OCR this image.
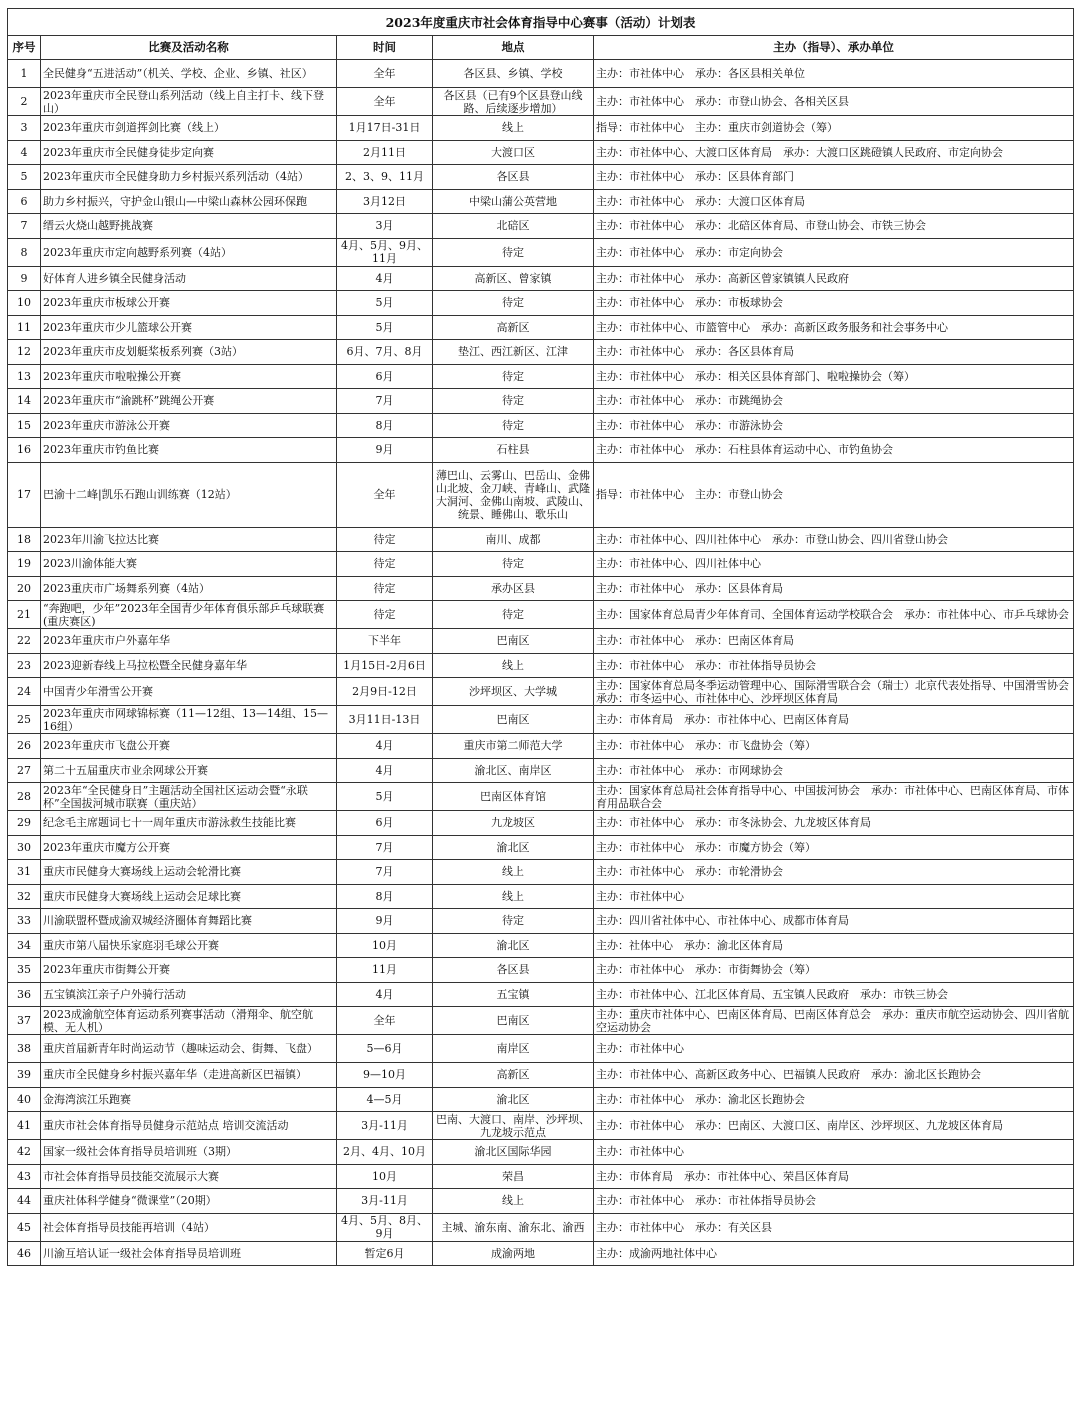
2023年度重庆市社会体育指导中心赛事（活动）计划表				
序号	比赛及活动名称	时间	地点	主办（指导）、承办单位
1	全民健身“五进活动”（机关、学校、企业、乡镇、社区）	全年	各区县、乡镇、学校	主办：市社体中心　承办：各区县相关单位
2	2023年重庆市全民登山系列活动（线上自主打卡、线下登山）	全年	各区县（已有9个区县登山线路、后续逐步增加）	主办：市社体中心　承办：市登山协会、各相关区县
3	2023年重庆市剑道挥剑比赛（线上）	1月17日-31日	线上	指导：市社体中心　主办：重庆市剑道协会（筹）
4	2023年重庆市全民健身徒步定向赛	2月11日	大渡口区	主办：市社体中心、大渡口区体育局　承办：大渡口区跳磴镇人民政府、市定向协会
5	2023年重庆市全民健身助力乡村振兴系列活动（4站）	2、3、9、11月	各区县	主办：市社体中心　承办：区县体育部门
6	助力乡村振兴，守护金山银山—中梁山森林公园环保跑	3月12日	中梁山蒲公英营地	主办：市社体中心　承办：大渡口区体育局
7	缙云火烧山越野挑战赛	3月	北碚区	主办：市社体中心　承办：北碚区体育局、市登山协会、市铁三协会
8	2023年重庆市定向越野系列赛（4站）	4月、5月、9月、11月	待定	主办：市社体中心　承办：市定向协会
9	好体育人进乡镇全民健身活动	4月	高新区、曾家镇	主办：市社体中心　承办：高新区曾家镇镇人民政府
10	2023年重庆市板球公开赛	5月	待定	主办：市社体中心　承办：市板球协会
11	2023年重庆市少儿篮球公开赛	5月	高新区	主办：市社体中心、市篮管中心　承办：高新区政务服务和社会事务中心
12	2023年重庆市皮划艇桨板系列赛（3站）	6月、7月、8月	垫江、西江新区、江津	主办：市社体中心　承办：各区县体育局
13	2023年重庆市啦啦操公开赛	6月	待定	主办：市社体中心　承办：相关区县体育部门、啦啦操协会（筹）
14	2023年重庆市“渝跳杯”跳绳公开赛	7月	待定	主办：市社体中心　承办：市跳绳协会
15	2023年重庆市游泳公开赛	8月	待定	主办：市社体中心　承办：市游泳协会
16	2023年重庆市钓鱼比赛	9月	石柱县	主办：市社体中心　承办：石柱县体育运动中心、市钓鱼协会
17	巴渝十二峰|凯乐石跑山训练赛（12站）	全年	薄巴山、云雾山、巴岳山、金佛山北坡、金刀峡、青峰山、武隆大洞河、金佛山南坡、武陵山、统景、睡佛山、歌乐山	指导：市社体中心　主办：市登山协会
18	2023年川渝飞拉达比赛	待定	南川、成都	主办：市社体中心、四川社体中心　承办：市登山协会、四川省登山协会
19	2023川渝体能大赛	待定	待定	主办：市社体中心、四川社体中心
20	2023重庆市广场舞系列赛（4站）	待定	承办区县	主办：市社体中心　承办：区县体育局
21	“奔跑吧，少年”2023年全国青少年体育俱乐部乒乓球联赛(重庆赛区)	待定	待定	主办：国家体育总局青少年体育司、全国体育运动学校联合会　承办：市社体中心、市乒乓球协会
22	2023年重庆市户外嘉年华	下半年	巴南区	主办：市社体中心　承办：巴南区体育局
23	2023迎新春线上马拉松暨全民健身嘉年华	1月15日-2月6日	线上	主办：市社体中心　承办：市社体指导员协会
24	中国青少年滑雪公开赛	2月9日-12日	沙坪坝区、大学城	主办：国家体育总局冬季运动管理中心、国际滑雪联合会（瑞士）北京代表处指导、中国滑雪协会　承办：市冬运中心、市社体中心、沙坪坝区体育局
25	2023年重庆市网球锦标赛（11—12组、13—14组、15—16组）	3月11日-13日	巴南区	主办：市体育局　承办：市社体中心、巴南区体育局
26	2023年重庆市飞盘公开赛	4月	重庆市第二师范大学	主办：市社体中心　承办：市飞盘协会（筹）
27	第二十五届重庆市业余网球公开赛	4月	渝北区、南岸区	主办：市社体中心　承办：市网球协会
28	2023年“全民健身日”主题活动全国社区运动会暨“永联杯”全国拔河城市联赛（重庆站）	5月	巴南区体育馆	主办：国家体育总局社会体育指导中心、中国拔河协会　承办：市社体中心、巴南区体育局、市体育用品联合会
29	纪念毛主席题词七十一周年重庆市游泳救生技能比赛	6月	九龙坡区	主办：市社体中心　承办：市冬泳协会、九龙坡区体育局
30	2023年重庆市魔方公开赛	7月	渝北区	主办：市社体中心　承办：市魔方协会（筹）
31	重庆市民健身大赛场线上运动会轮滑比赛	7月	线上	主办：市社体中心　承办：市轮滑协会
32	重庆市民健身大赛场线上运动会足球比赛	8月	线上	主办：市社体中心
33	川渝联盟杯暨成渝双城经济圈体育舞蹈比赛	9月	待定	主办：四川省社体中心、市社体中心、成都市体育局
34	重庆市第八届快乐家庭羽毛球公开赛	10月	渝北区	主办：社体中心　承办：渝北区体育局
35	2023年重庆市街舞公开赛	11月	各区县	主办：市社体中心　承办：市街舞协会（筹）
36	五宝镇滨江亲子户外骑行活动	4月	五宝镇	主办：市社体中心、江北区体育局、五宝镇人民政府　承办：市铁三协会
37	2023成渝航空体育运动系列赛事活动（滑翔伞、航空航模、无人机）	全年	巴南区	主办：重庆市社体中心、巴南区体育局、巴南区体育总会　承办：重庆市航空运动协会、四川省航空运动协会
38	重庆首届新青年时尚运动节（趣味运动会、街舞、飞盘）	5—6月	南岸区	主办：市社体中心
39	重庆市全民健身乡村振兴嘉年华（走进高新区巴福镇）	9—10月	高新区	主办：市社体中心、高新区政务中心、巴福镇人民政府　承办：渝北区长跑协会
40	金海湾滨江乐跑赛	4—5月	渝北区	主办：市社体中心　承办：渝北区长跑协会
41	重庆市社会体育指导员健身示范站点 培训交流活动	3月-11月	巴南、大渡口、南岸、沙坪坝、九龙坡示范点	主办：市社体中心　承办：巴南区、大渡口区、南岸区、沙坪坝区、九龙坡区体育局
42	国家一级社会体育指导员培训班（3期）	2月、4月、10月	渝北区国际华园	主办：市社体中心
43	市社会体育指导员技能交流展示大赛	10月	荣昌	主办：市体育局　承办：市社体中心、荣昌区体育局
44	重庆社体科学健身“微课堂”（20期）	3月-11月	线上	主办：市社体中心　承办：市社体指导员协会
45	社会体育指导员技能再培训（4站）	4月、5月、8月、9月	主城、渝东南、渝东北、渝西	主办：市社体中心　承办：有关区县
46	川渝互培认证一级社会体育指导员培训班	暂定6月	成渝两地	主办：成渝两地社体中心
